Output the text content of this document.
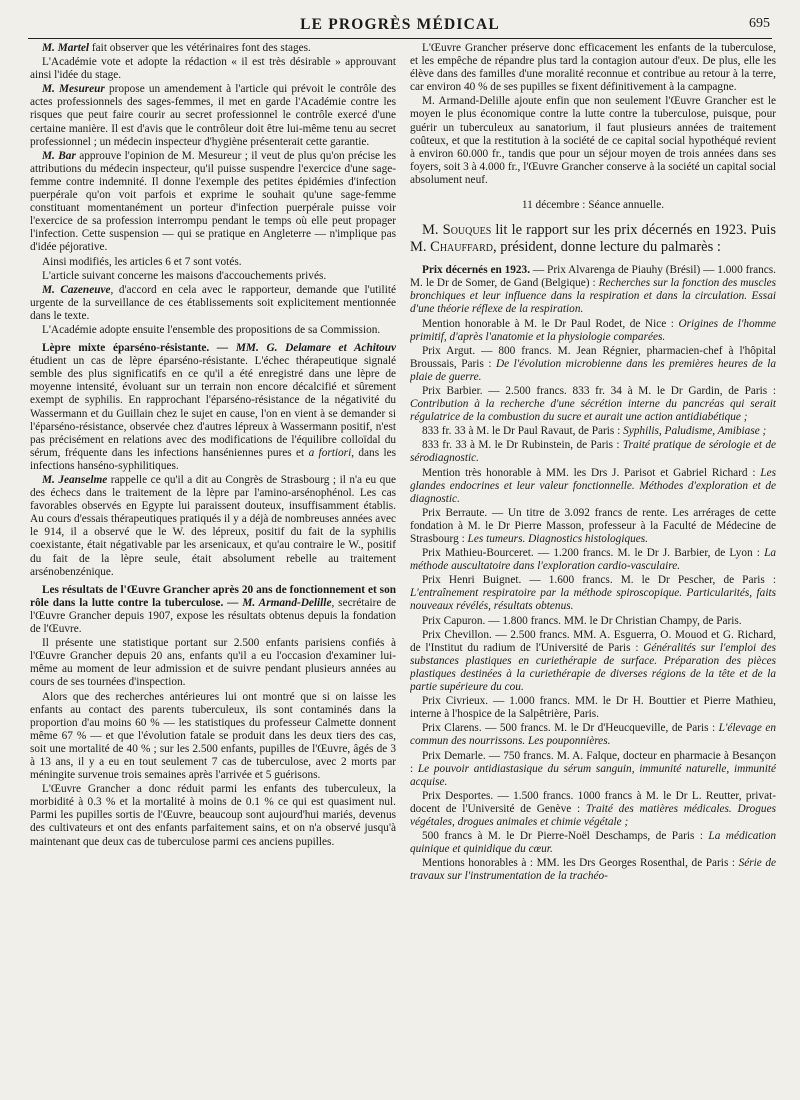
LE PROGRÈS MÉDICAL	695

M. Martel fait observer que les vétérinaires font des stages.

L'Académie vote et adopte la rédaction « il est très désirable » approuvant ainsi l'idée du stage.

M. Mesureur propose un amendement à l'article qui prévoit le contrôle des actes professionnels des sages-femmes, il met en garde l'Académie contre les risques que peut faire courir au secret professionnel le contrôle exercé d'une certaine manière. Il est d'avis que le contrôleur doit être lui-même tenu au secret professionnel ; un médecin inspecteur d'hygiène présenterait cette garantie.

M. Bar approuve l'opinion de M. Mesureur ; il veut de plus qu'on précise les attributions du médecin inspecteur, qu'il puisse suspendre l'exercice d'une sage-femme contre indemnité. Il donne l'exemple des petites épidémies d'infection puerpérale qu'on voit parfois et exprime le souhait qu'une sage-femme constituant momentanément un porteur d'infection puerpérale puisse voir l'exercice de sa profession interrompu pendant le temps où elle peut propager l'infection. Cette suspension — qui se pratique en Angleterre — n'implique pas d'idée péjorative.

Ainsi modifiés, les articles 6 et 7 sont votés.

L'article suivant concerne les maisons d'accouchements privés.

M. Cazeneuve, d'accord en cela avec le rapporteur, demande que l'utilité urgente de la surveillance de ces établissements soit explicitement mentionnée dans le texte.

L'Académie adopte ensuite l'ensemble des propositions de sa Commission.

Lèpre mixte éparséno-résistante. — MM. G. Delamare et Achitouv étudient un cas de lèpre éparséno-résistante. L'échec thérapeutique signalé semble des plus significatifs en ce qu'il a été enregistré dans une lèpre de moyenne intensité, évoluant sur un terrain non encore décalcifié et sûrement exempt de syphilis. En rapprochant l'éparséno-résistance de la négativité du Wassermann et du Guillain chez le sujet en cause, l'on en vient à se demander si l'éparséno-résistance, observée chez d'autres lépreux à Wassermann positif, n'est pas précisément en relations avec des modifications de l'équilibre colloïdal du sérum, fréquente dans les infections hanséniennes pures et a fortiori, dans les infections hanséno-syphilitiques.

M. Jeanselme rappelle ce qu'il a dit au Congrès de Strasbourg ; il n'a eu que des échecs dans le traitement de la lèpre par l'amino-arsénophénol. Les cas favorables observés en Egypte lui paraissent douteux, insuffisamment établis. Au cours d'essais thérapeutiques pratiqués il y a déjà de nombreuses années avec le 914, il a observé que le W. des lépreux, positif du fait de la syphilis coexistante, était négativable par les arsenicaux, et qu'au contraire le W., positif du fait de la lèpre seule, était absolument rebelle au traitement arsénobenzénique.

Les résultats de l'Œuvre Grancher après 20 ans de fonctionnement et son rôle dans la lutte contre la tuberculose. — M. Armand-Delille, secrétaire de l'Œuvre Grancher depuis 1907, expose les résultats obtenus depuis la fondation de l'Œuvre.

Il présente une statistique portant sur 2.500 enfants parisiens confiés à l'Œuvre Grancher depuis 20 ans, enfants qu'il a eu l'occasion d'examiner lui-même au moment de leur admission et de suivre pendant plusieurs années au cours de ses tournées d'inspection.

Alors que des recherches antérieures lui ont montré que si on laisse les enfants au contact des parents tuberculeux, ils sont contaminés dans la proportion d'au moins 60 % — les statistiques du professeur Calmette donnent même 67 % — et que l'évolution fatale se produit dans les deux tiers des cas, soit une mortalité de 40 % ; sur les 2.500 enfants, pupilles de l'Œuvre, âgés de 3 à 13 ans, il y a eu en tout seulement 7 cas de tuberculose, avec 2 morts par méningite survenue trois semaines après l'arrivée et 5 guérisons.

L'Œuvre Grancher a donc réduit parmi les enfants des tuberculeux, la morbidité à 0.3 % et la mortalité à moins de 0.1 % ce qui est quasiment nul. Parmi les pupilles sortis de l'Œuvre, beaucoup sont aujourd'hui mariés, devenus des cultivateurs et ont des enfants parfaitement sains, et on n'a observé jusqu'à maintenant que deux cas de tuberculose parmi ces anciens pupilles.

L'Œuvre Grancher préserve donc efficacement les enfants de la tuberculose, et les empêche de répandre plus tard la contagion autour d'eux. De plus, elle les élève dans des familles d'une moralité reconnue et contribue au retour à la terre, car environ 40 % de ses pupilles se fixent définitivement à la campagne.

M. Armand-Delille ajoute enfin que non seulement l'Œuvre Grancher est le moyen le plus économique contre la lutte contre la tuberculose, puisque, pour guérir un tuberculeux au sanatorium, il faut plusieurs années de traitement coûteux, et que la restitution à la société de ce capital social hypothéqué revient à environ 60.000 fr., tandis que pour un séjour moyen de trois années dans ses foyers, soit 3 à 4.000 fr., l'Œuvre Grancher conserve à la société un capital social absolument neuf.

11 décembre : Séance annuelle.

M. Souques lit le rapport sur les prix décernés en 1923. Puis M. Chauffard, président, donne lecture du palmarès :

Prix décernés en 1923. — Prix Alvarenga de Piauhy (Brésil) — 1.000 francs. M. le Dr de Somer, de Gand (Belgique) : Recherches sur la fonction des muscles bronchiques et leur influence dans la respiration et dans la circulation. Essai d'une théorie réflexe de la respiration.

Mention honorable à M. le Dr Paul Rodet, de Nice : Origines de l'homme primitif, d'après l'anatomie et la physiologie comparées.

Prix Argut. — 800 francs. M. Jean Régnier, pharmacien-chef à l'hôpital Broussais, Paris : De l'évolution microbienne dans les premières heures de la plaie de guerre.

Prix Barbier. — 2.500 francs. 833 fr. 34 à M. le Dr Gardin, de Paris : Contribution à la recherche d'une sécrétion interne du pancréas qui serait régulatrice de la combustion du sucre et aurait une action antidiabétique ;

833 fr. 33 à M. le Dr Paul Ravaut, de Paris : Syphilis, Paludisme, Amibiase ;

833 fr. 33 à M. le Dr Rubinstein, de Paris : Traité pratique de sérologie et de sérodiagnostic.

Mention très honorable à MM. les Drs J. Parisot et Gabriel Richard : Les glandes endocrines et leur valeur fonctionnelle. Méthodes d'exploration et de diagnostic.

Prix Berraute. — Un titre de 3.092 francs de rente. Les arrérages de cette fondation à M. le Dr Pierre Masson, professeur à la Faculté de Médecine de Strasbourg : Les tumeurs. Diagnostics histologiques.

Prix Mathieu-Bourceret. — 1.200 francs. M. le Dr J. Barbier, de Lyon : La méthode auscultatoire dans l'exploration cardio-vasculaire.

Prix Henri Buignet. — 1.600 francs. M. le Dr Pescher, de Paris : L'entraînement respiratoire par la méthode spiroscopique. Particularités, faits nouveaux révélés, résultats obtenus.

Prix Capuron. — 1.800 francs. MM. le Dr Christian Champy, de Paris.

Prix Chevillon. — 2.500 francs. MM. A. Esguerra, O. Mouod et G. Richard, de l'Institut du radium de l'Université de Paris : Généralités sur l'emploi des substances plastiques en curiethérapie de surface. Préparation des pièces plastiques destinées à la curiethérapie de diverses régions de la tête et de la partie supérieure du cou.

Prix Civrieux. — 1.000 francs. MM. le Dr H. Bouttier et Pierre Mathieu, interne à l'hospice de la Salpêtrière, Paris.

Prix Clarens. — 500 francs. M. le Dr d'Heucqueville, de Paris : L'élevage en commun des nourrissons. Les pouponnières.

Prix Demarle. — 750 francs. M. A. Falque, docteur en pharmacie à Besançon : Le pouvoir antidiastasique du sérum sanguin, immunité naturelle, immunité acquise.

Prix Desportes. — 1.500 francs. 1000 francs à M. le Dr L. Reutter, privat-docent de l'Université de Genève : Traité des matières médicales. Drogues végétales, drogues animales et chimie végétale ;

500 francs à M. le Dr Pierre-Noël Deschamps, de Paris : La médication quinique et quinidique du cœur.

Mentions honorables à : MM. les Drs Georges Rosenthal, de Paris : Série de travaux sur l'instrumentation de la trachéo-
